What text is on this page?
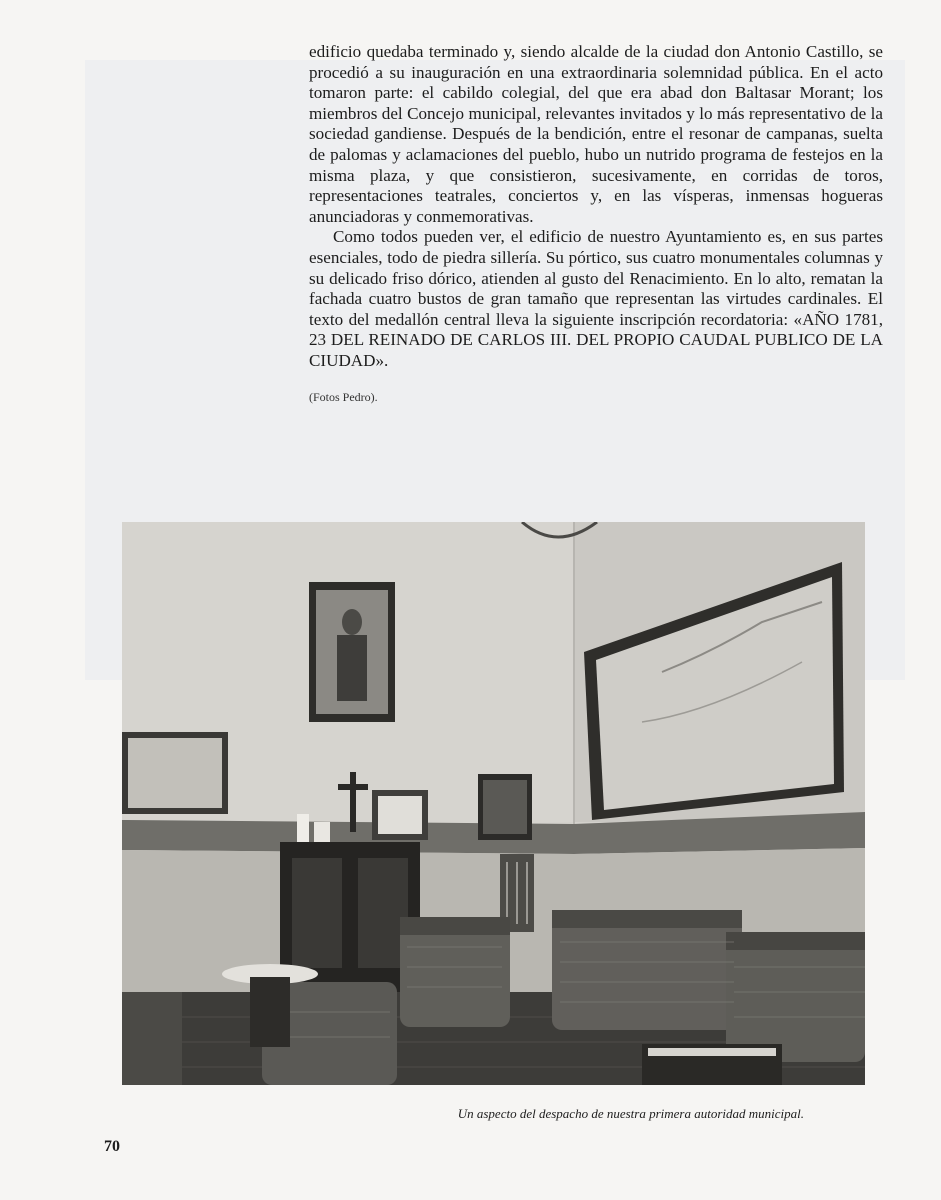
edificio quedaba terminado y, siendo alcalde de la ciudad don Antonio Castillo, se procedió a su inauguración en una extraordinaria solemnidad pública. En el acto tomaron parte: el cabildo colegial, del que era abad don Baltasar Morant; los miembros del Concejo municipal, relevantes invitados y lo más representativo de la sociedad gandiense. Después de la bendición, entre el resonar de campanas, suelta de palomas y aclamaciones del pueblo, hubo un nutrido programa de festejos en la misma plaza, y que consistieron, sucesivamente, en corridas de toros, representaciones teatrales, conciertos y, en las vísperas, inmensas hogueras anunciadoras y conmemorativas.

Como todos pueden ver, el edificio de nuestro Ayuntamiento es, en sus partes esenciales, todo de piedra sillería. Su pórtico, sus cuatro monumentales columnas y su delicado friso dórico, atienden al gusto del Renacimiento. En lo alto, rematan la fachada cuatro bustos de gran tamaño que representan las virtudes cardinales. El texto del medallón central lleva la siguiente inscripción recordatoria: «AÑO 1781, 23 DEL REINADO DE CARLOS III. DEL PROPIO CAUDAL PUBLICO DE LA CIUDAD».

(Fotos Pedro).
Un aspecto del despacho de nuestra primera autoridad municipal.
70
